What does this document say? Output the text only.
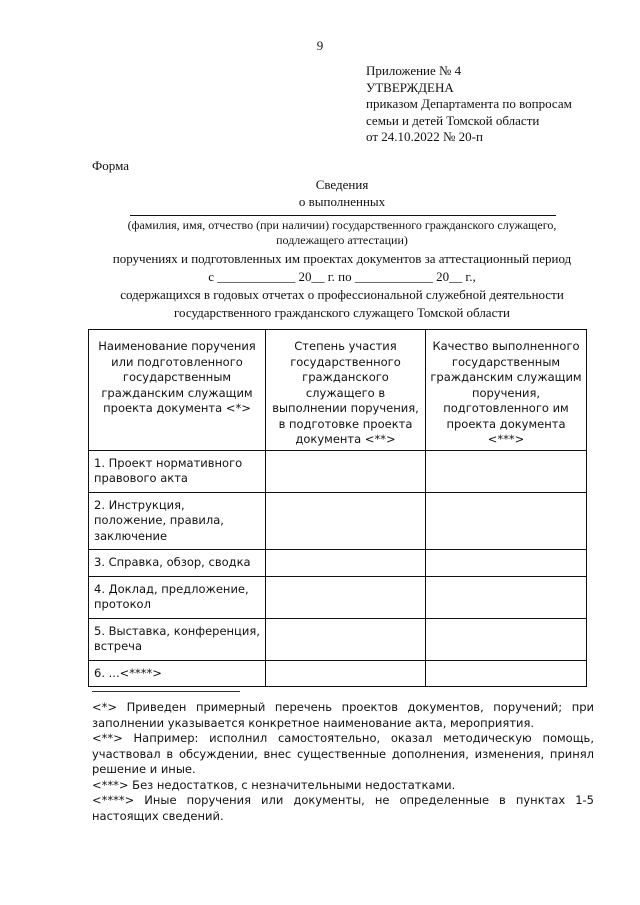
9
Приложение № 4
УТВЕРЖДЕНА
приказом Департамента по вопросам
семьи и детей Томской области
от 24.10.2022 № 20-п
Форма
Сведения
о выполненных
(фамилия, имя, отчество (при наличии) государственного гражданского служащего,
подлежащего аттестации)
поручениях и подготовленных им проектах документов за аттестационный период
с ____________ 20__ г. по ____________ 20__ г.,
содержащихся в годовых отчетах о профессиональной служебной деятельности
государственного гражданского служащего Томской области
Наименование поручения или подготовленного государственным гражданским служащим проекта документа <*>	Степень участия государственного гражданского служащего в выполнении поручения, в подготовке проекта документа <**>	Качество выполненного государственным гражданским служащим поручения, подготовленного им проекта документа <***>
1. Проект нормативного правового акта		
2. Инструкция, положение, правила, заключение		
3. Справка, обзор, сводка		
4. Доклад, предложение, протокол		
5. Выставка, конференция, встреча		
6. ...<****>		

<*> Приведен примерный перечень проектов документов, поручений; при заполнении указывается конкретное наименование акта, мероприятия.

<**> Например: исполнил самостоятельно, оказал методическую помощь, участвовал в обсуждении, внес существенные дополнения, изменения, принял решение и иные.

<***> Без недостатков, с незначительными недостатками.

<****> Иные поручения или документы, не определенные в пунктах 1-5 настоящих сведений.
